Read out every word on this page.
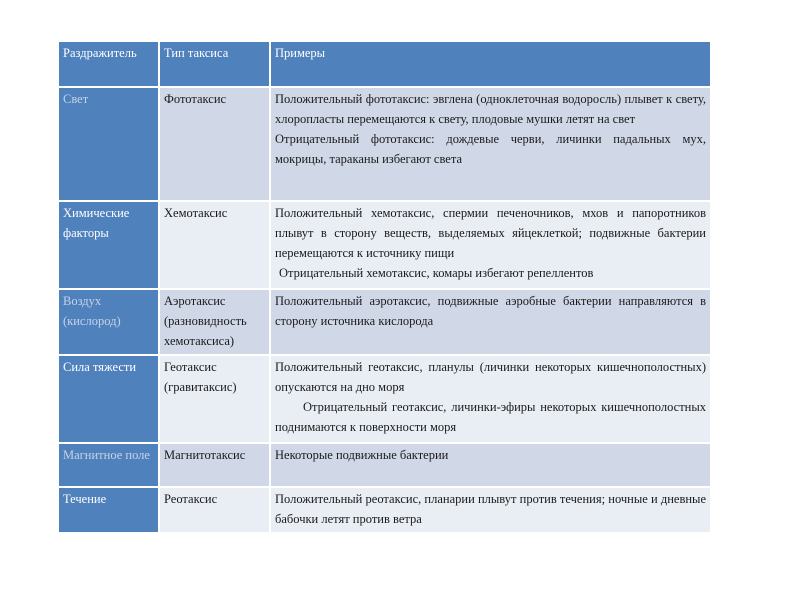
Раздражитель	Тип таксиса	Примеры
Свет	Фототаксис	Положительный фототаксис: эвглена (одноклеточная водоросль) плывет к свету, хлоропласты перемещаются к свету, плодовые мушки летят на свет

Отрицательный фототаксис: дождевые черви, личинки падальных мух, мокрицы, тараканы избегают света

Химические факторы	Хемотаксис	Положительный хемотаксис, спермии печеночников, мхов и папоротников плывут в сторону веществ, выделяемых яйцеклеткой; подвижные бактерии перемещаются к источнику пищи

Отрицательный хемотаксис, комары избегают репеллентов

Воздух (кислород)	Аэротаксис (разновидность хемотаксиса)	Положительный аэротаксис, подвижные аэробные бактерии направляются в сторону источника кислорода

Сила тяжести	Геотаксис (гравитаксис)	Положительный геотаксис, планулы (личинки некоторых кишечнополостных) опускаются на дно моря

Отрицательный геотаксис, личинки-эфиры некоторых кишечнополостных поднимаются к поверхности моря

Магнитное поле	Магнитотаксис	Некоторые подвижные бактерии

Течение	Реотаксис	Положительный реотаксис, планарии плывут против течения; ночные и дневные бабочки летят против ветра
